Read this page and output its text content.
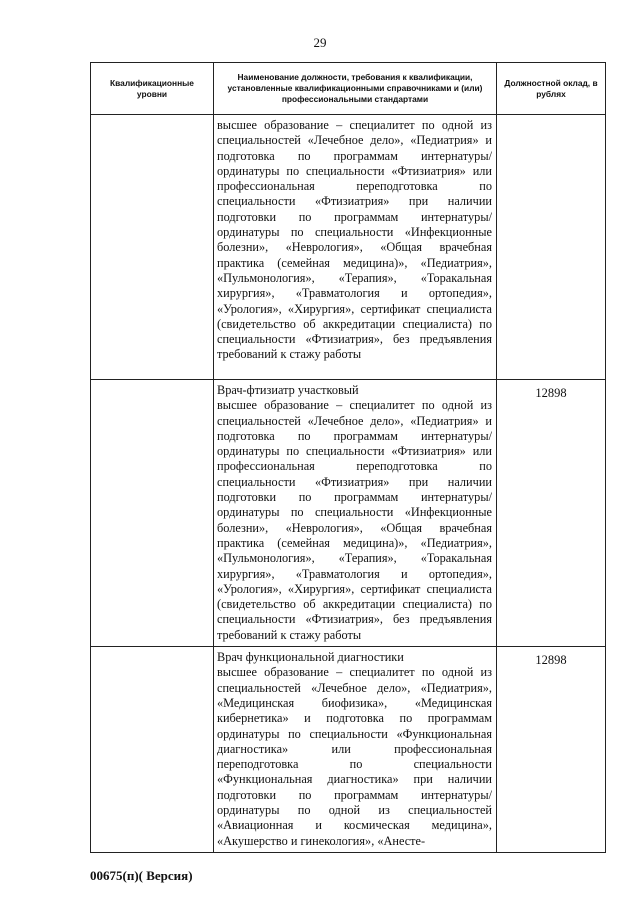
29
Квалификационные уровни	Наименование должности, требования к квалификации, установленные квалификационными справочниками и (или) профессиональными стандартами	Должностной оклад, в рублях
	высшее образование – специалитет по одной из специальностей «Лечебное дело», «Педиатрия» и подготовка по программам интернатуры/ординатуры по специальности «Фтизиатрия» или профессиональная переподготовка по специальности «Фтизиатрия» при наличии подготовки по программам интернатуры/ординатуры по специальности «Инфекционные болезни», «Неврология», «Общая врачебная практика (семейная медицина)», «Педиатрия», «Пульмонология», «Терапия», «Торакальная хирургия», «Травматология и ортопедия», «Урология», «Хирургия», сертификат специалиста (свидетельство об аккредитации специалиста) по специальности «Фтизиатрия», без предъявления требований к стажу работы	
	Врач-фтизиатр участковый
высшее образование – специалитет по одной из специальностей «Лечебное дело», «Педиатрия» и подготовка по программам интернатуры/ординатуры по специальности «Фтизиатрия» или профессиональная переподготовка по специальности «Фтизиатрия» при наличии подготовки по программам интернатуры/ординатуры по специальности «Инфекционные болезни», «Неврология», «Общая врачебная практика (семейная медицина)», «Педиатрия», «Пульмонология», «Терапия», «Торакальная хирургия», «Травматология и ортопедия», «Урология», «Хирургия», сертификат специалиста (свидетельство об аккредитации специалиста) по специальности «Фтизиатрия», без предъявления требований к стажу работы	12898
	Врач функциональной диагностики
высшее образование – специалитет по одной из специальностей «Лечебное дело», «Педиатрия», «Медицинская биофизика», «Медицинская кибернетика» и подготовка по программам ординатуры по специальности «Функциональная диагностика» или профессиональная переподготовка по специальности «Функциональная диагностика» при наличии подготовки по программам интернатуры/ординатуры по одной из специальностей «Авиационная и космическая медицина», «Акушерство и гинекология», «Анесте-	12898
00675(п)( Версия)
